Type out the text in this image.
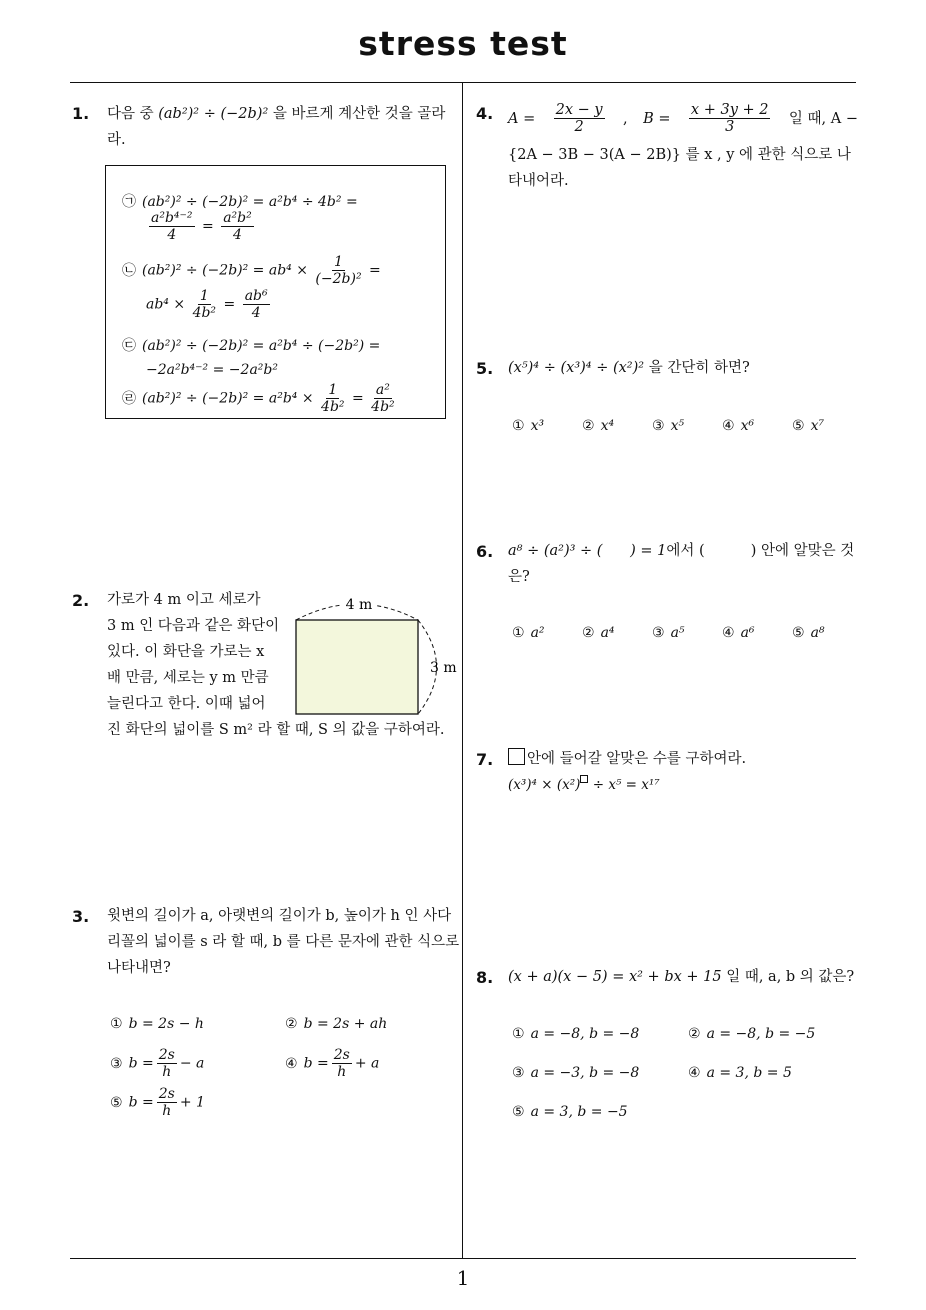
stress test
1
1. 다음 중 (ab²)² ÷ (−2b)² 을 바르게 계산한 것을 골라
라.
㉠ (ab²)² ÷ (−2b)² = a²b⁴ ÷ 4b² =
$\frac{\text{a²b⁴⁻²}}{4} = \frac{\text{a²b²}}{4}$
㉡ $(ab^2)^2 \div (-2b)^2 = ab^4 \times \frac{1}{\text{(−2b)²}}$ =
$ab^4 \times \frac{1}{\text{4b²}} = \frac{\text{ab⁶}}{4}$
㉢ (ab²)² ÷ (−2b)² = a²b⁴ ÷ (−2b²) =
−2a²b⁴⁻² = −2a²b²
㉣ $(ab^2)^2 \div (-2b)^2 = a^2b^4 \times \frac{1}{\text{4b²}} = \frac{\text{a²}}{\text{4b²}}$
2. 가로가 4 m 이고 세로가
3 m 인 다음과 같은 화단이
있다. 이 화단을 가로는 x
배 만큼, 세로는 y m 만큼
늘린다고 한다. 이때 넓어
진 화단의 넓이를 S m² 라 할 때, S 의 값을 구하여라.
4 m
3 m
3. 윗변의 길이가 a, 아랫변의 길이가 b, 높이가 h 인 사다
리꼴의 넓이를 s 라 할 때, b 를 다른 문자에 관한 식으로
나타내면?
① b = 2s − h	② b = 2s + ah
③ $b = \frac{2s}{h} - a$	④ $b = \frac{2s}{h} + a$
⑤ $b = \frac{2s}{h} + 1$
4. $A = \frac{2x - y}{2}$ , $B = \frac{x + 3y + 2}{3}$ 일 때, A −
{2A − 3B − 3(A − 2B)} 를 x , y 에 관한 식으로 나
타내어라.
5. (x⁵)⁴ ÷ (x³)⁴ ÷ (x²)² 을 간단히 하면?
① x³	② x⁴	③ x⁵	④ x⁶	⑤ x⁷
6. a⁸ ÷ (a²)³ ÷ (      ) = 1에서 (          ) 안에 알맞은 것
은?
① a²	② a⁴	③ a⁵	④ a⁶	⑤ a⁸
7.	안에 들어갈 알맞은 수를 구하여라.
(x³)⁴ × (x²) ÷ x⁵ = x¹⁷
8. (x + a)(x − 5) = x² + bx + 15 일 때, a, b 의 값은?
① a = −8, b = −8	② a = −8, b = −5
③ a = −3, b = −8	④ a = 3, b = 5
⑤ a = 3, b = −5
